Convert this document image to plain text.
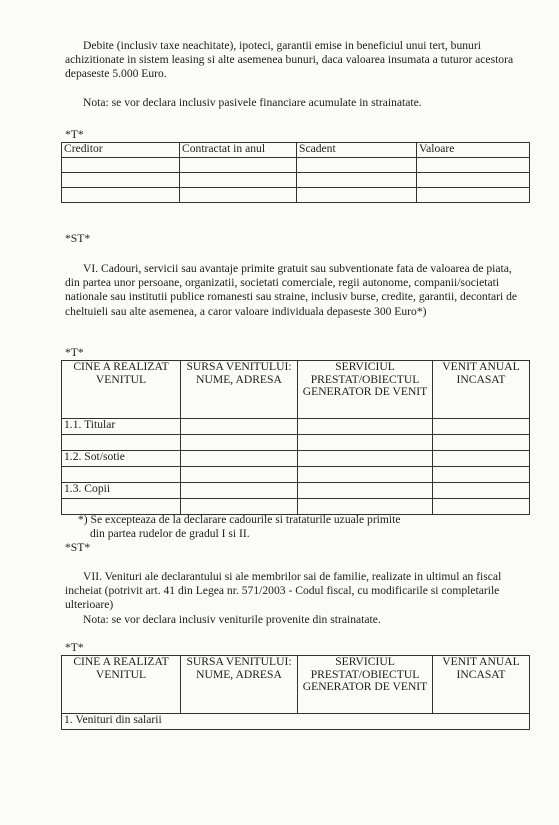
Debite (inclusiv taxe neachitate), ipoteci, garantii emise in beneficiul unui tert, bunuri achizitionate in sistem leasing si alte asemenea bunuri, daca valoarea insumata a tuturor acestora depaseste 5.000 Euro.

Nota: se vor declara inclusiv pasivele financiare acumulate in strainatate.

*T*
Creditor	Contractat in anul	Scadent	Valoare

*ST*

VI. Cadouri, servicii sau avantaje primite gratuit sau subventionate fata de valoarea de piata, din partea unor persoane, organizatii, societati comerciale, regii autonome, companii/societati nationale sau institutii publice romanesti sau straine, inclusiv burse, credite, garantii, decontari de cheltuieli sau alte asemenea, a caror valoare individuala depaseste 300 Euro*)

*T*
CINE A REALIZAT VENITUL	SURSA VENITULUI: NUME, ADRESA	SERVICIUL PRESTAT/OBIECTUL GENERATOR DE VENIT	VENIT ANUAL INCASAT
1.1. Titular			

1.2. Sot/sotie			

1.3. Copii			

*) Se excepteaza de la declarare cadourile si trataturile uzuale primite

din partea rudelor de gradul I si II.

*ST*

VII. Venituri ale declarantului si ale membrilor sai de familie, realizate in ultimul an fiscal incheiat (potrivit art. 41 din Legea nr. 571/2003 - Codul fiscal, cu modificarile si completarile ulterioare)

Nota: se vor declara inclusiv veniturile provenite din strainatate.

*T*
CINE A REALIZAT VENITUL	SURSA VENITULUI: NUME, ADRESA	SERVICIUL PRESTAT/OBIECTUL GENERATOR DE VENIT	VENIT ANUAL INCASAT
1. Venituri din salarii
